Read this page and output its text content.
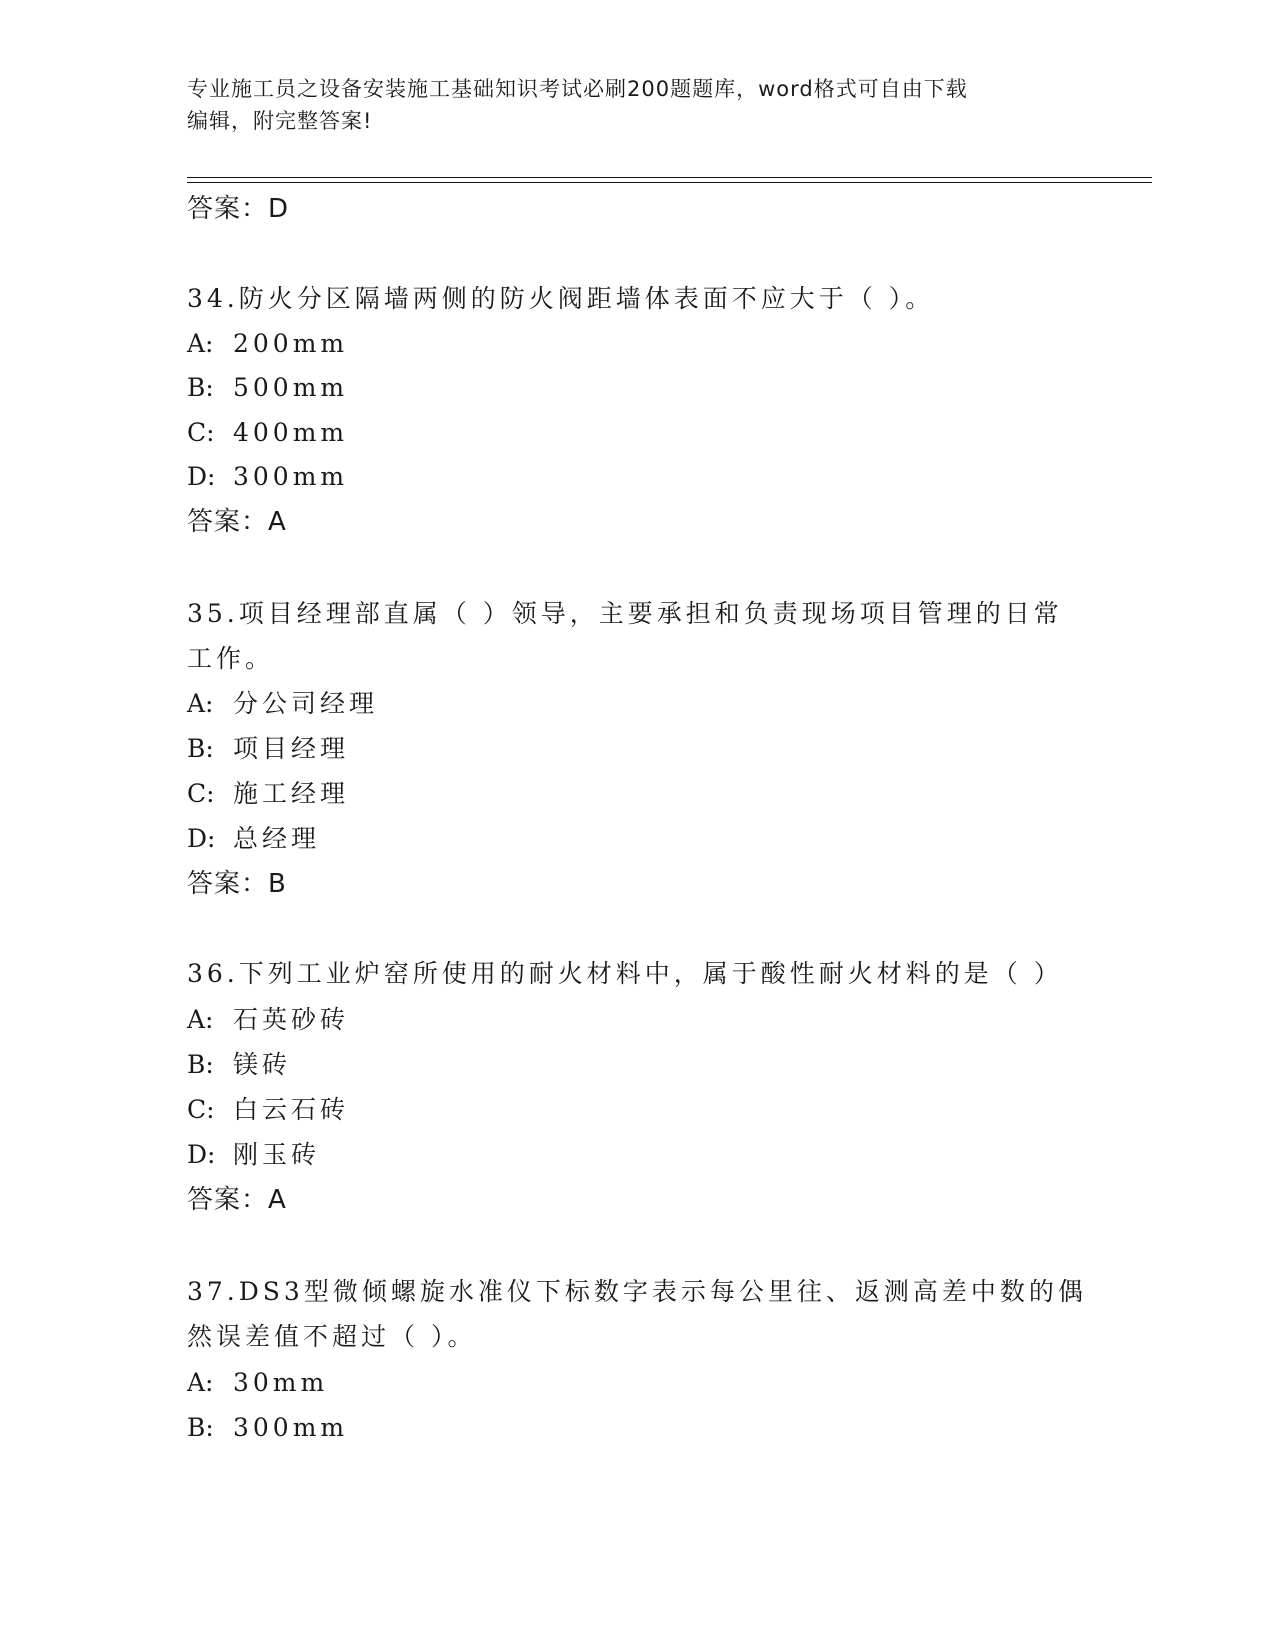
专业施工员之设备安装施工基础知识考试必刷200题题库，word格式可自由下载
编辑，附完整答案!
答案：D
34.防火分区隔墙两侧的防火阀距墙体表面不应大于（ ）。
A: 200mm
B: 500mm
C: 400mm
D: 300mm
答案：A
35.项目经理部直属（ ）领导，主要承担和负责现场项目管理的日常
工作。
A: 分公司经理
B: 项目经理
C: 施工经理
D: 总经理
答案：B
36.下列工业炉窑所使用的耐火材料中，属于酸性耐火材料的是（ ）
A: 石英砂砖
B: 镁砖
C: 白云石砖
D: 刚玉砖
答案：A
37.DS3型微倾螺旋水准仪下标数字表示每公里往、返测高差中数的偶
然误差值不超过（ ）。
A: 30mm
B: 300mm
